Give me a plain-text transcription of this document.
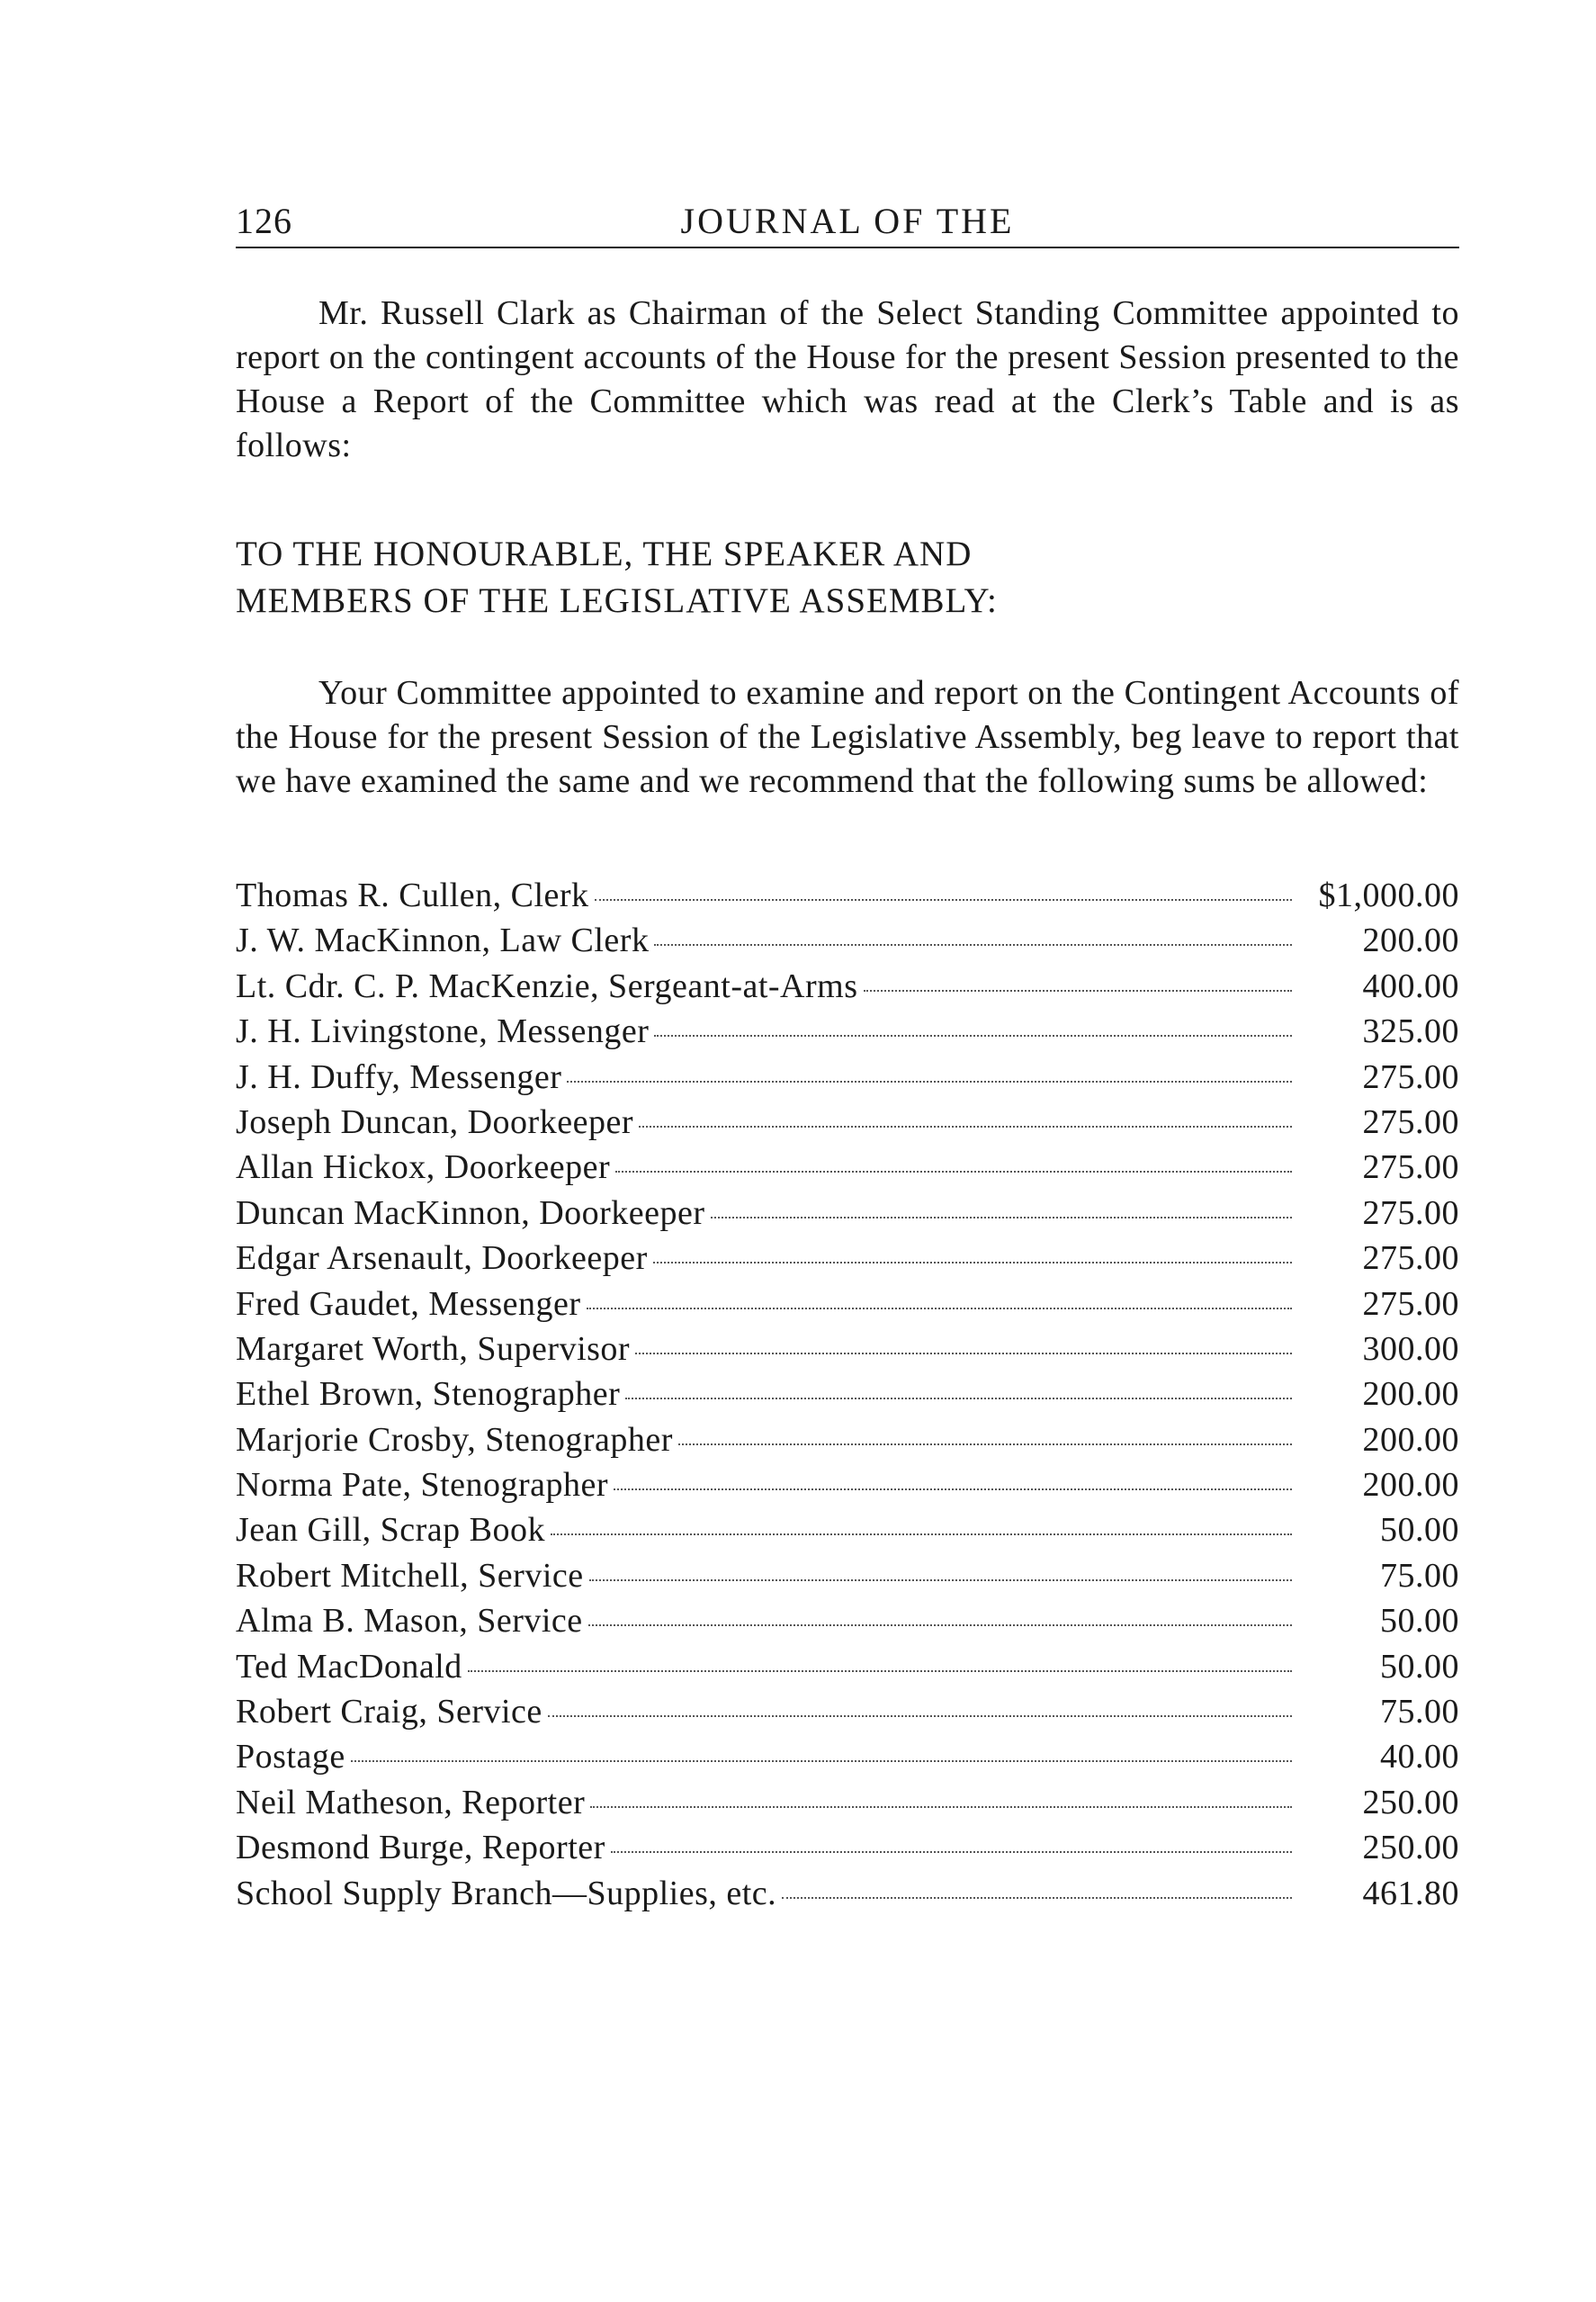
126	JOURNAL OF THE

Mr. Russell Clark as Chairman of the Select Standing Committee appointed to report on the contingent accounts of the House for the present Session presented to the House a Report of the Committee which was read at the Clerk’s Table and is as follows:

TO THE HONOURABLE, THE SPEAKER AND
MEMBERS OF THE LEGISLATIVE ASSEMBLY:

Your Committee appointed to examine and report on the Contingent Accounts of the House for the present Session of the Legislative Assembly, beg leave to report that we have examined the same and we recommend that the following sums be allowed:

Thomas R. Cullen, Clerk	$1,000.00
J. W. MacKinnon, Law Clerk	200.00
Lt. Cdr. C. P. MacKenzie, Sergeant-at-Arms	400.00
J. H. Livingstone, Messenger	325.00
J. H. Duffy, Messenger	275.00
Joseph Duncan, Doorkeeper	275.00
Allan Hickox, Doorkeeper	275.00
Duncan MacKinnon, Doorkeeper	275.00
Edgar Arsenault, Doorkeeper	275.00
Fred Gaudet, Messenger	275.00
Margaret Worth, Supervisor	300.00
Ethel Brown, Stenographer	200.00
Marjorie Crosby, Stenographer	200.00
Norma Pate, Stenographer	200.00
Jean Gill, Scrap Book	50.00
Robert Mitchell, Service	75.00
Alma B. Mason, Service	50.00
Ted MacDonald	50.00
Robert Craig, Service	75.00
Postage	40.00
Neil Matheson, Reporter	250.00
Desmond Burge, Reporter	250.00
School Supply Branch—Supplies, etc.	461.80
